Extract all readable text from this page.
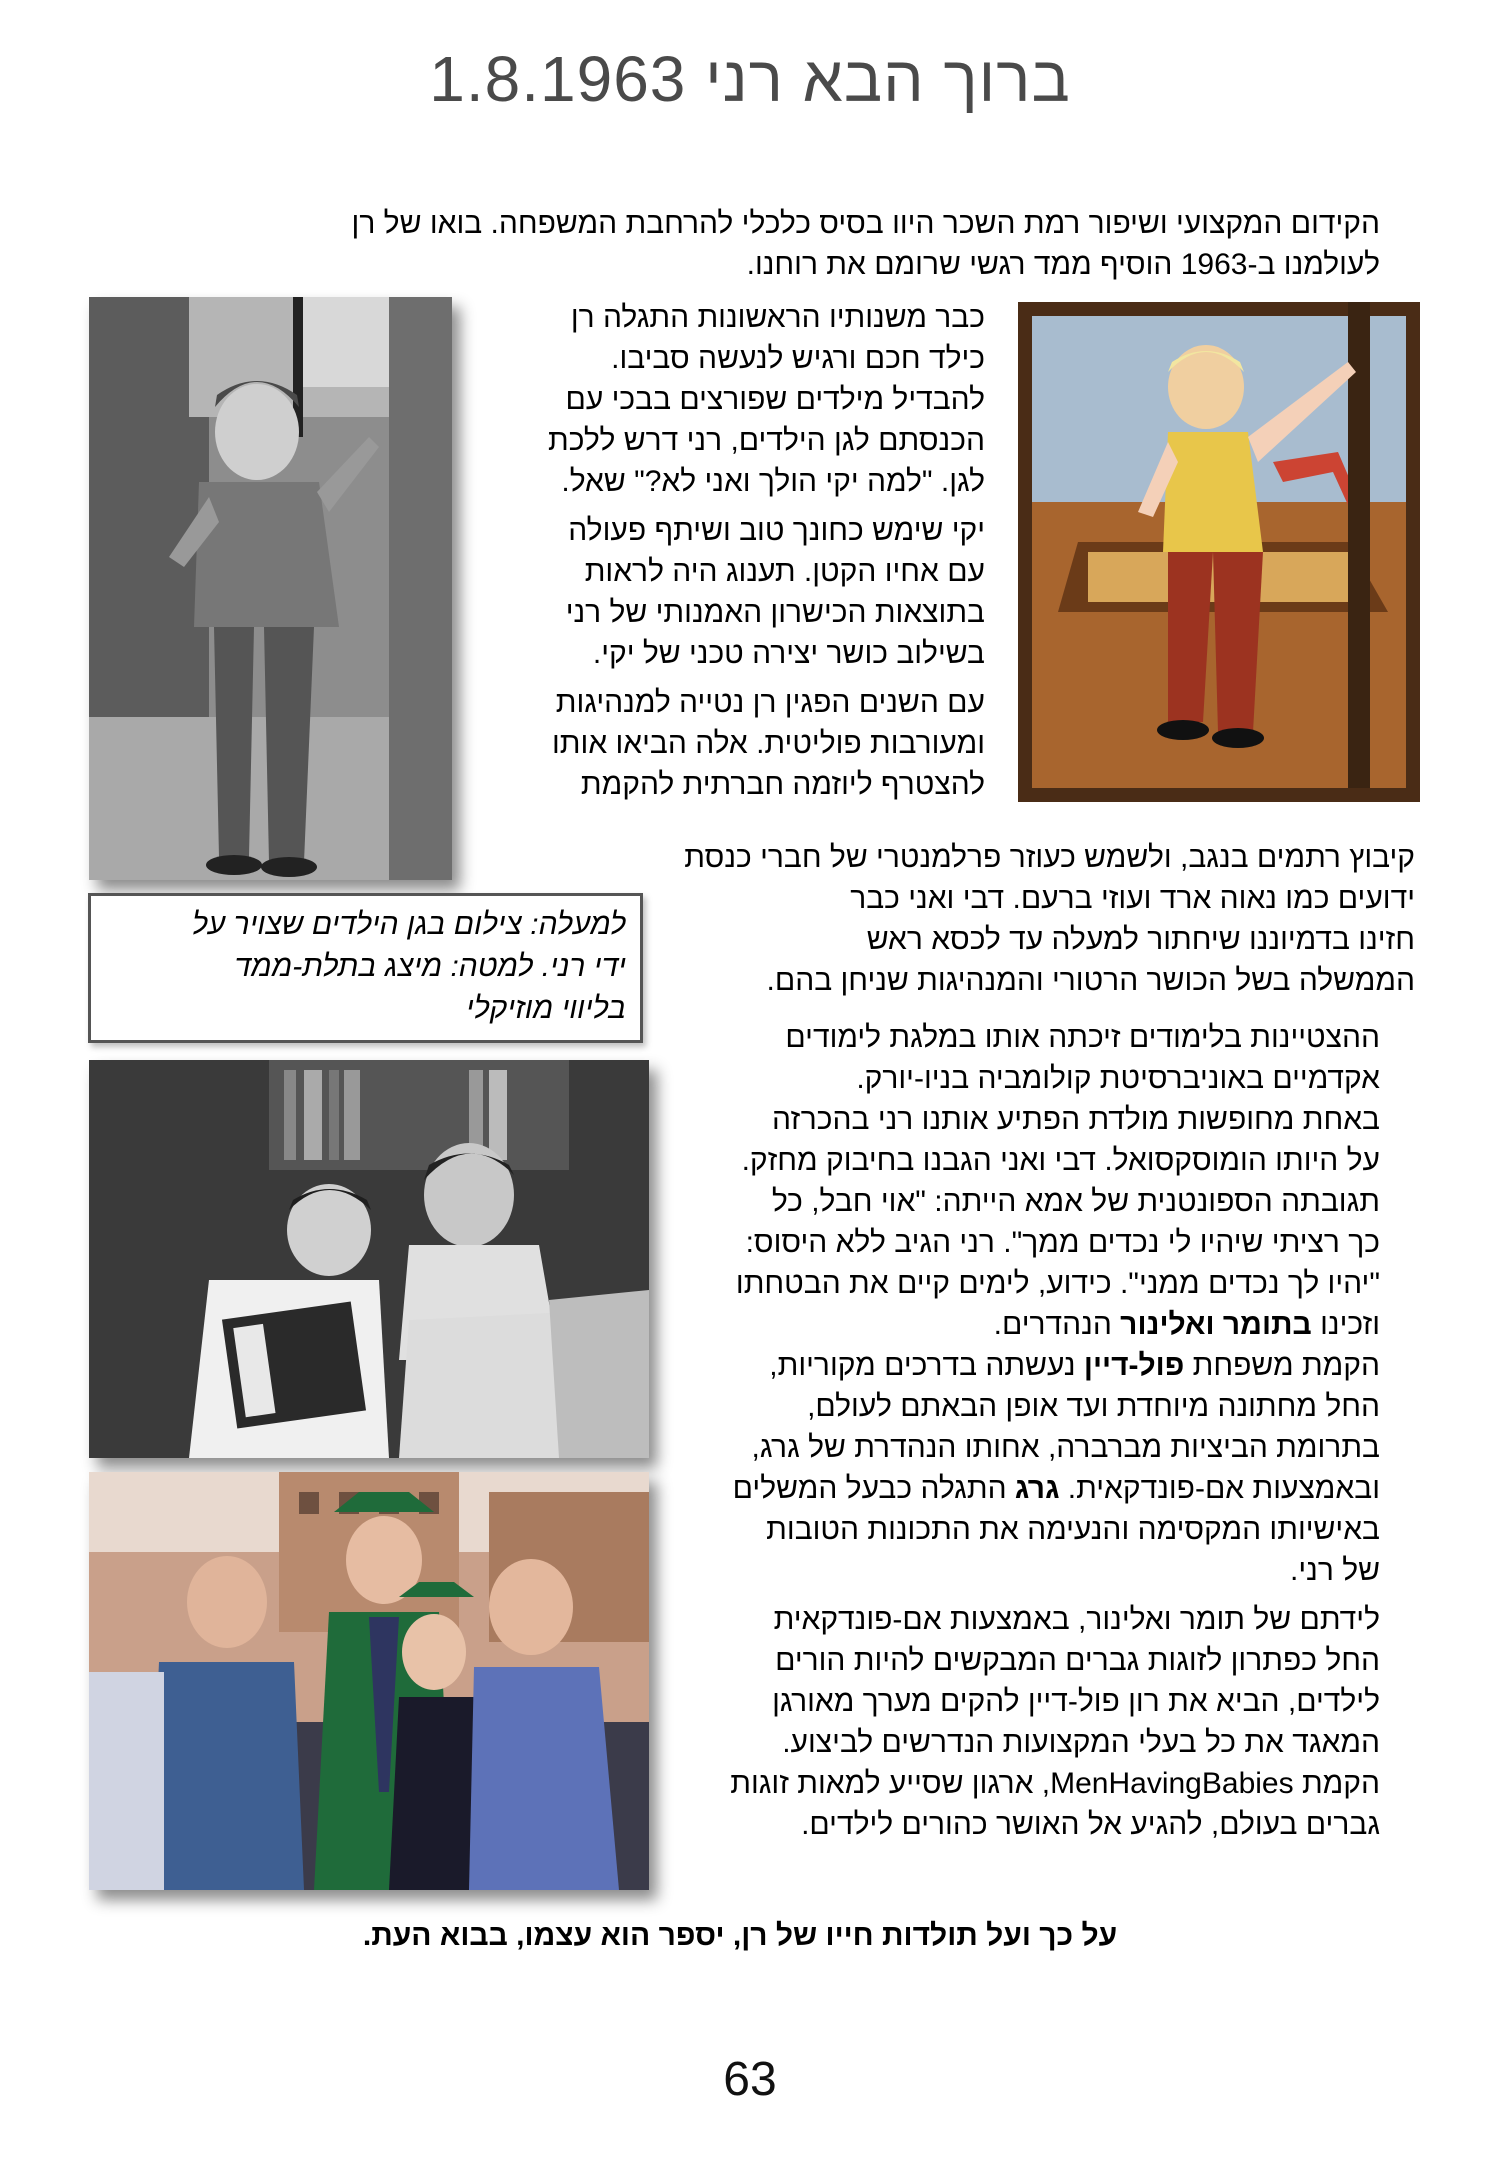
ברוך הבא רני 1.8.1963
הקידום המקצועי ושיפור רמת השכר היוו בסיס כלכלי להרחבת המשפחה. בואו של רן
לעולמנו ב-1963 הוסיף ממד רגשי שרומם את רוחנו.
כבר משנותיו הראשונות התגלה רן
כילד חכם ורגיש לנעשה סביבו.
להבדיל מילדים שפורצים בבכי עם
הכנסתם לגן הילדים, רני דרש ללכת
לגן. "למה יקי הולך ואני לא?" שאל.
יקי שימש כחונך טוב ושיתף פעולה
עם אחיו הקטן. תענוג היה לראות
בתוצאות הכישרון האמנותי של רני
בשילוב כושר יצירה טכני של יקי.
עם השנים הפגין רן נטייה למנהיגות
ומעורבות פוליטית. אלה הביאו אותו
להצטרף ליוזמה חברתית להקמת
קיבוץ רתמים בנגב, ולשמש כעוזר פרלמנטרי של חברי כנסת
ידועים כמו נאוה ארד ועוזי ברעם. דבי ואני כבר
חזינו בדמיוננו שיחתור למעלה עד לכסא ראש
הממשלה בשל הכושר הרטורי והמנהיגות שניחן בהם.
למעלה: צילום בגן הילדים שצויר על
ידי רני. למטה: מיצג בתלת-ממד
בליווי מוזיקלי
ההצטיינות בלימודים זיכתה אותו במלגת לימודים
אקדמיים באוניברסיטת קולומביה בניו-יורק.
באחת מחופשות מולדת הפתיע אותנו רני בהכרזה
על היותו הומוסקסואל. דבי ואני הגבנו בחיבוק מחזק.
תגובתה הספונטנית של אמא הייתה: "אוי חבל, כל
כך רציתי שיהיו לי נכדים ממך". רני הגיב ללא היסוס:
"יהיו לך נכדים ממני". כידוע, לימים קיים את הבטחתו
וזכינו בתומר ואלינור הנהדרים.
הקמת משפחת פול-דיין נעשתה בדרכים מקוריות,
החל מחתונה מיוחדת ועד אופן הבאתם לעולם,
בתרומת הביציות מברברה, אחותו הנהדרת של גרג,
ובאמצעות אם-פונדקאית. גרג התגלה כבעל המשלים
באישיותו המקסימה והנעימה את התכונות הטובות
של רני.
לידתם של תומר ואלינור, באמצעות אם-פונדקאית
החל כפתרון לזוגות גברים המבקשים להיות הורים
לילדים, הביא את רון פול-דיין להקים מערך מאורגן
המאגד את כל בעלי המקצועות הנדרשים לביצוע.
הקמת MenHavingBabies, ארגון שסייע למאות זוגות
גברים בעולם, להגיע אל האושר כהורים לילדים.
על כך ועל תולדות חייו של רן, יספר הוא עצמו, בבוא העת.
63
